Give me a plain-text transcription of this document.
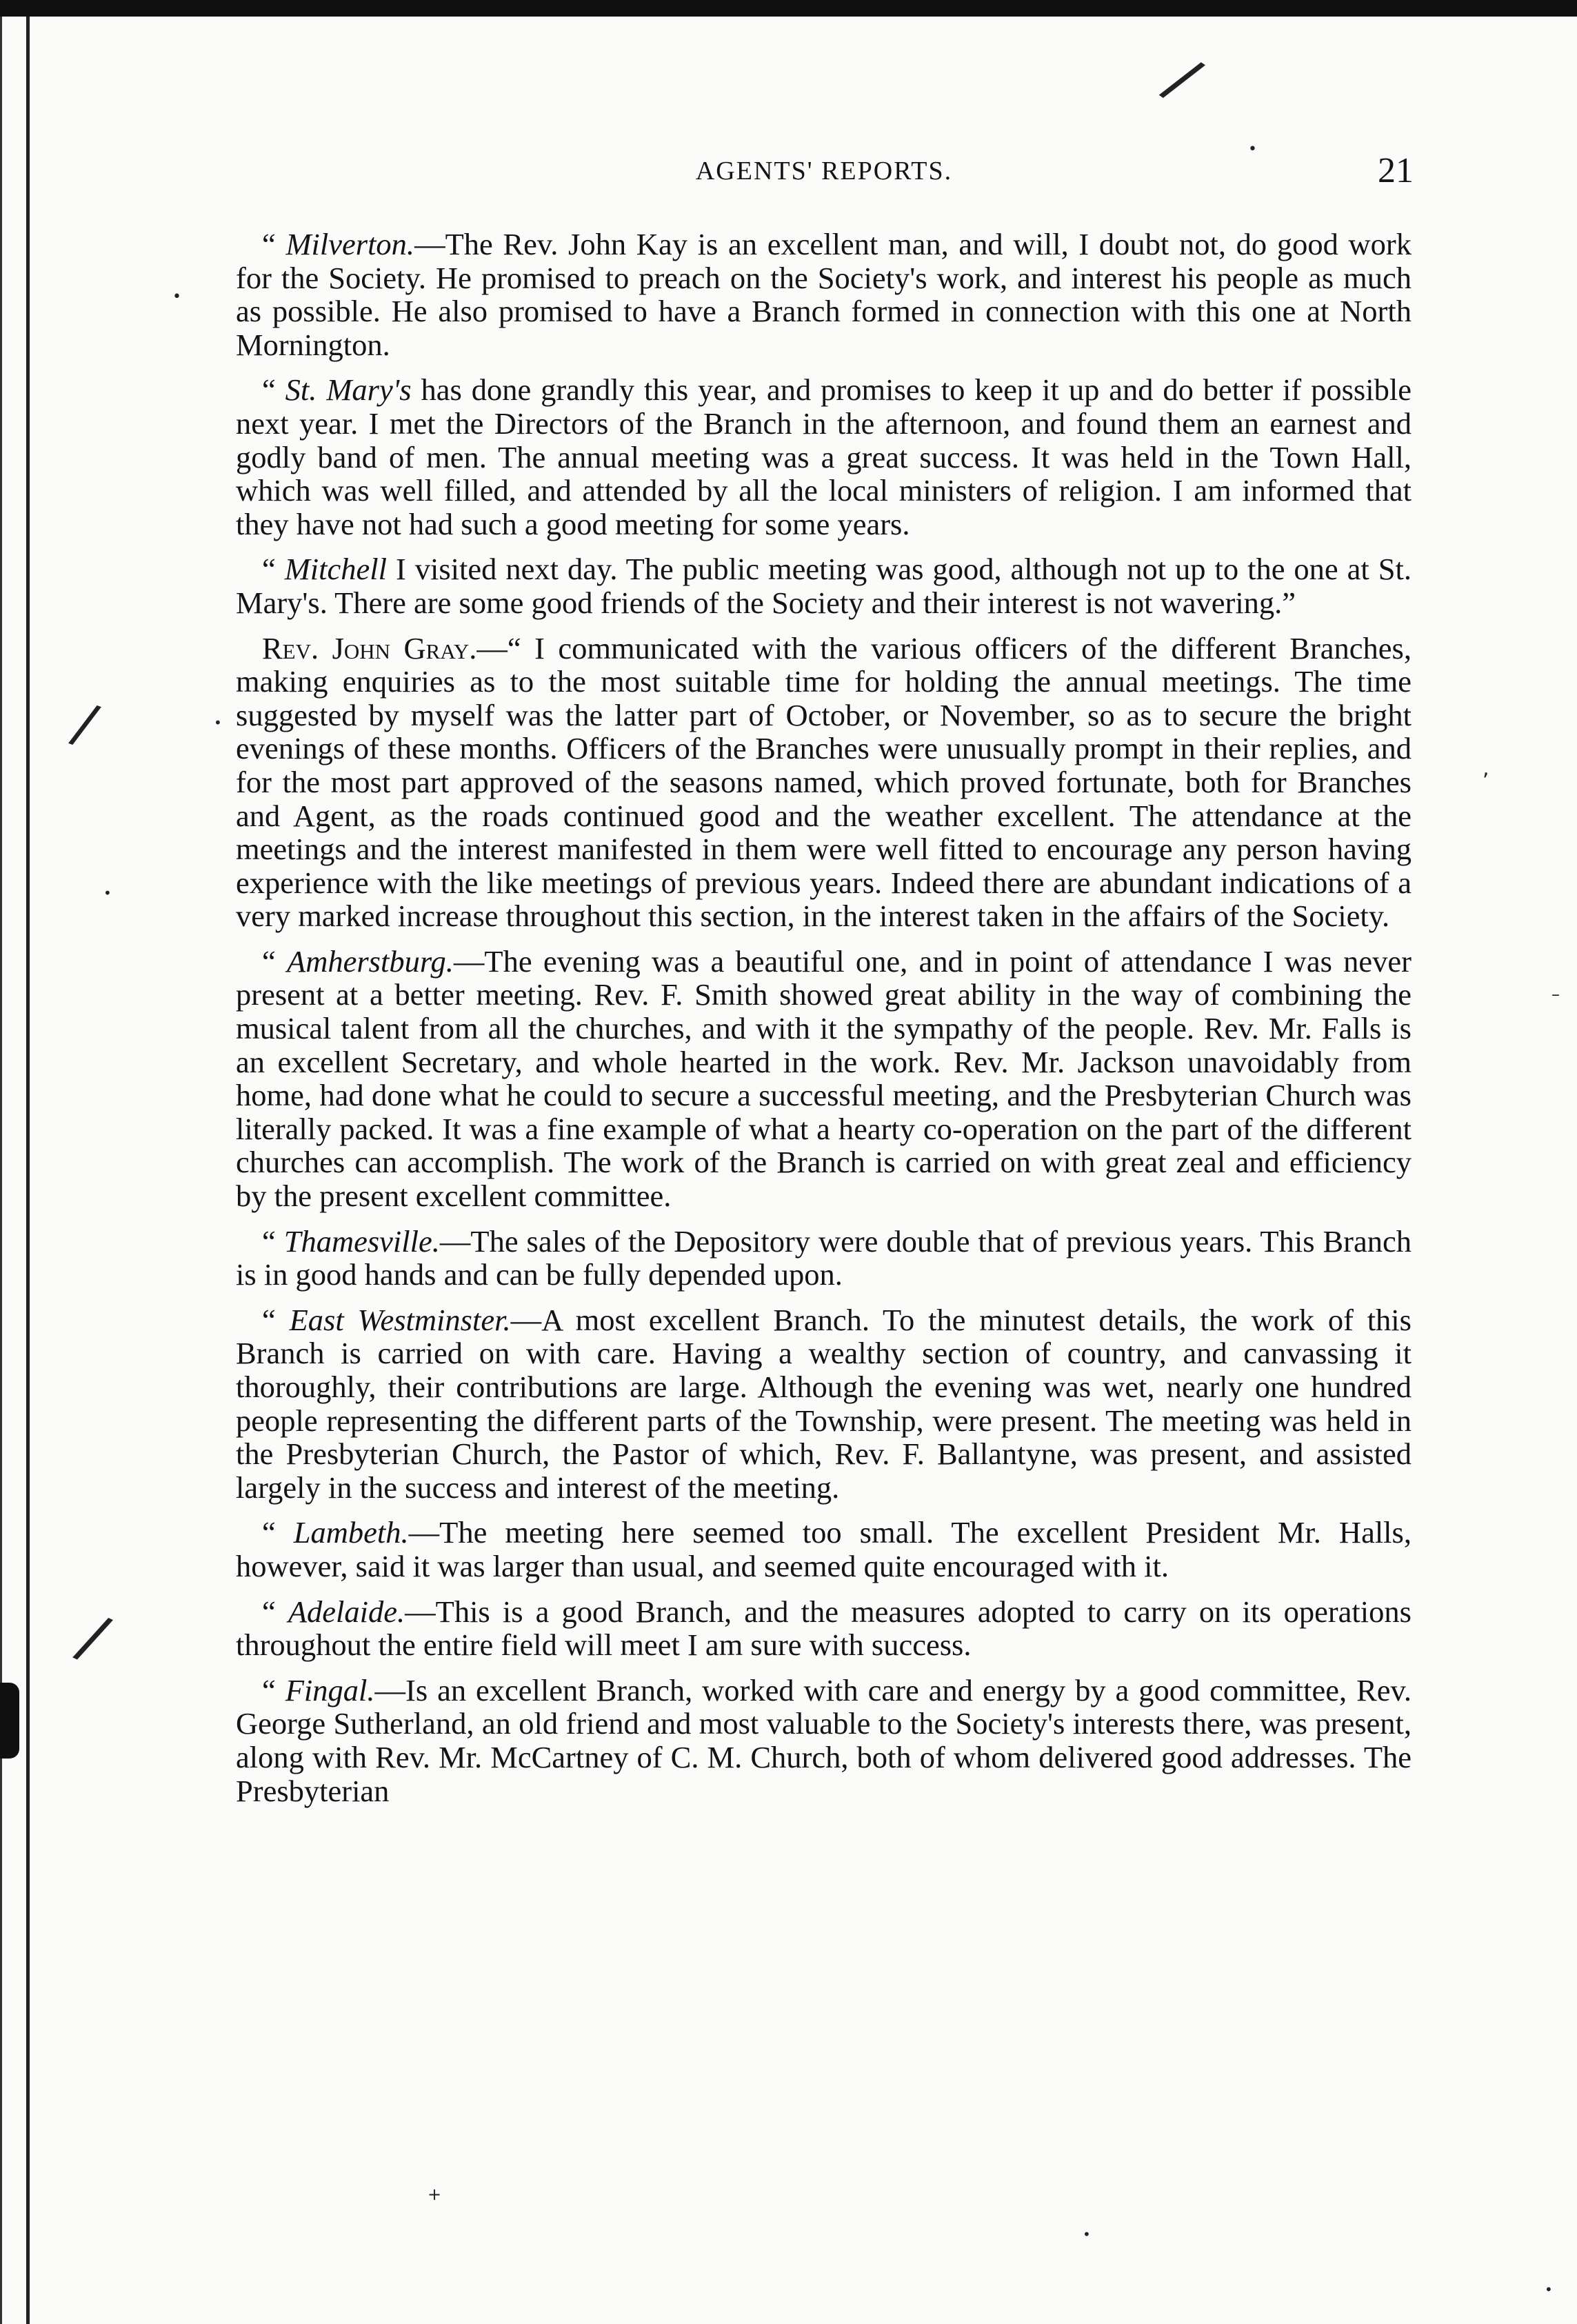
/
/
/
•
•
•
•
–
,
+
•
•
AGENTS' REPORTS.	21

“ Milverton.—The Rev. John Kay is an excellent man, and will, I doubt not, do good work for the Society. He promised to preach on the Society's work, and interest his people as much as possible. He also promised to have a Branch formed in connection with this one at North Mornington.

“ St. Mary's has done grandly this year, and promises to keep it up and do better if possible next year. I met the Directors of the Branch in the afternoon, and found them an earnest and godly band of men. The annual meeting was a great success. It was held in the Town Hall, which was well filled, and attended by all the local ministers of religion. I am informed that they have not had such a good meeting for some years.

“ Mitchell I visited next day. The public meeting was good, although not up to the one at St. Mary's. There are some good friends of the Society and their interest is not wavering.”

Rev. John Gray.—“ I communicated with the various officers of the different Branches, making enquiries as to the most suitable time for holding the annual meetings. The time suggested by myself was the latter part of October, or November, so as to secure the bright evenings of these months. Officers of the Branches were unusually prompt in their replies, and for the most part approved of the seasons named, which proved fortunate, both for Branches and Agent, as the roads continued good and the weather excellent. The attendance at the meetings and the interest manifested in them were well fitted to encourage any person having experience with the like meetings of previous years. Indeed there are abundant indications of a very marked increase throughout this section, in the interest taken in the affairs of the Society.

“ Amherstburg.—The evening was a beautiful one, and in point of attendance I was never present at a better meeting. Rev. F. Smith showed great ability in the way of combining the musical talent from all the churches, and with it the sympathy of the people. Rev. Mr. Falls is an excellent Secretary, and whole hearted in the work. Rev. Mr. Jackson unavoidably from home, had done what he could to secure a successful meeting, and the Presbyterian Church was literally packed. It was a fine example of what a hearty co-operation on the part of the different churches can accomplish. The work of the Branch is carried on with great zeal and efficiency by the present excellent committee.

“ Thamesville.—The sales of the Depository were double that of previous years. This Branch is in good hands and can be fully depended upon.

“ East Westminster.—A most excellent Branch. To the minutest details, the work of this Branch is carried on with care. Having a wealthy section of country, and canvassing it thoroughly, their contributions are large. Although the evening was wet, nearly one hundred people representing the different parts of the Township, were present. The meeting was held in the Presbyterian Church, the Pastor of which, Rev. F. Ballantyne, was present, and assisted largely in the success and interest of the meeting.

“ Lambeth.—The meeting here seemed too small. The excellent President Mr. Halls, however, said it was larger than usual, and seemed quite encouraged with it.

“ Adelaide.—This is a good Branch, and the measures adopted to carry on its operations throughout the entire field will meet I am sure with success.

“ Fingal.—Is an excellent Branch, worked with care and energy by a good committee, Rev. George Sutherland, an old friend and most valuable to the Society's interests there, was present, along with Rev. Mr. McCartney of C. M. Church, both of whom delivered good addresses. The Presbyterian
